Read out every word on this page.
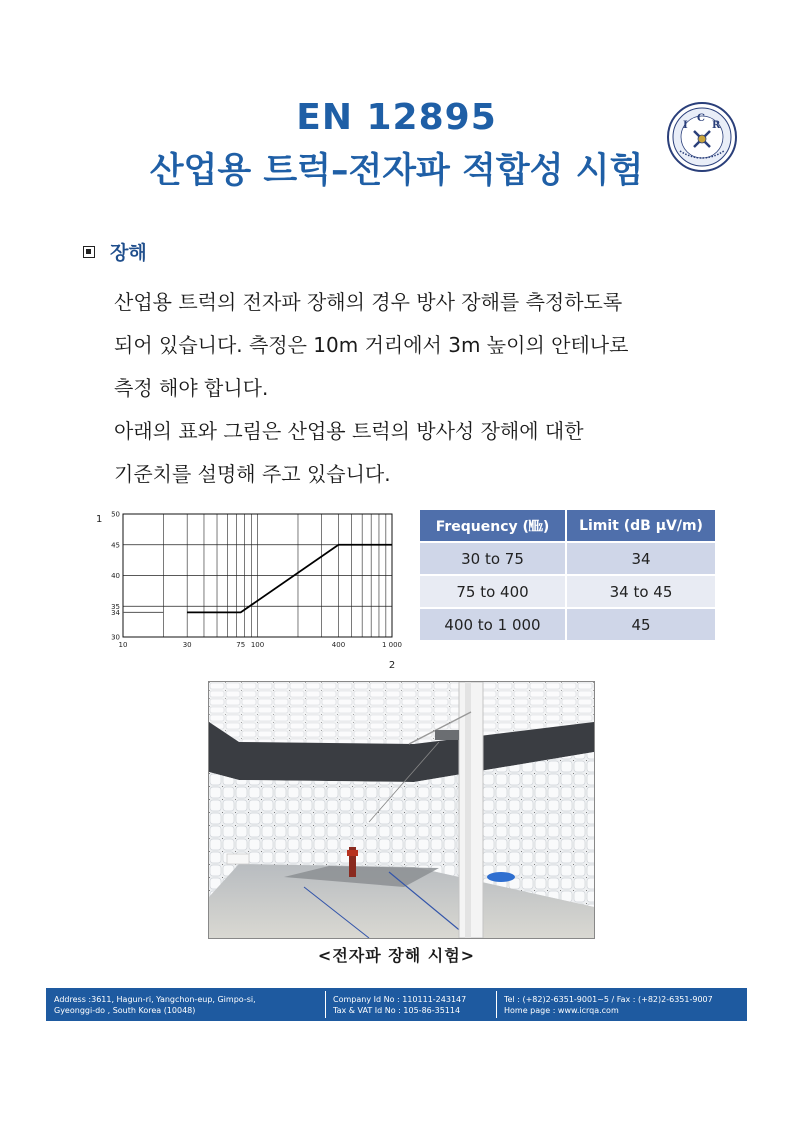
EN 12895
산업용 트럭–전자파 적합성 시험
I
C
R
장해
산업용 트럭의 전자파 장해의 경우 방사 장해를 측정하도록
되어 있습니다. 측정은 10m 거리에서 3m 높이의 안테나로
측정 해야 합니다.
아래의 표와 그림은 산업용 트럭의 방사성 장해에 대한
기준치를 설명해 주고 있습니다.
30
34
35
40
45
50
10	30	75 100	400	1 000
1
2
Frequency (㎒)	Limit (dB µV/m)
30 to 75	34
75 to 400	34 to 45
400 to 1 000	45
<전자파 장해 시험>
Address :3611, Hagun-ri, Yangchon-eup, Gimpo-si,
Gyeonggi-do , South Korea (10048)
Company Id No : 110111-243147
Tax & VAT Id No : 105-86-35114
Tel : (+82)2-6351-9001~5 / Fax : (+82)2-6351-9007
Home page : www.icrqa.com
